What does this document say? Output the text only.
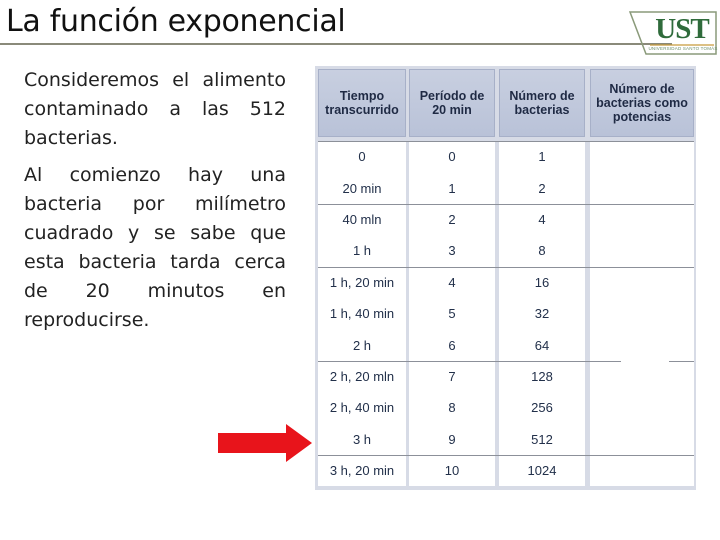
La función exponencial	UST
UNIVERSIDAD SANTO TOMÁS

Consideremos el alimento contaminado a las 512 bacterias.

Al comienzo hay una bacteria por milímetro cuadrado y se sabe que esta bacteria tarda cerca de 20 minutos en reproducirse.

Tiempo transcurrido
0
20 min
40 mln
1 h
1 h, 20 min
1 h, 40 min
2 h
2 h, 20 mln
2 h, 40 min
3 h
3 h, 20 min
Período de 20 min
0
1
2
3
4
5
6
7
8
9
10
Número de bacterias
1
2
4
8
16
32
64
128
256
512
1024
Número de bacterias como potencias
